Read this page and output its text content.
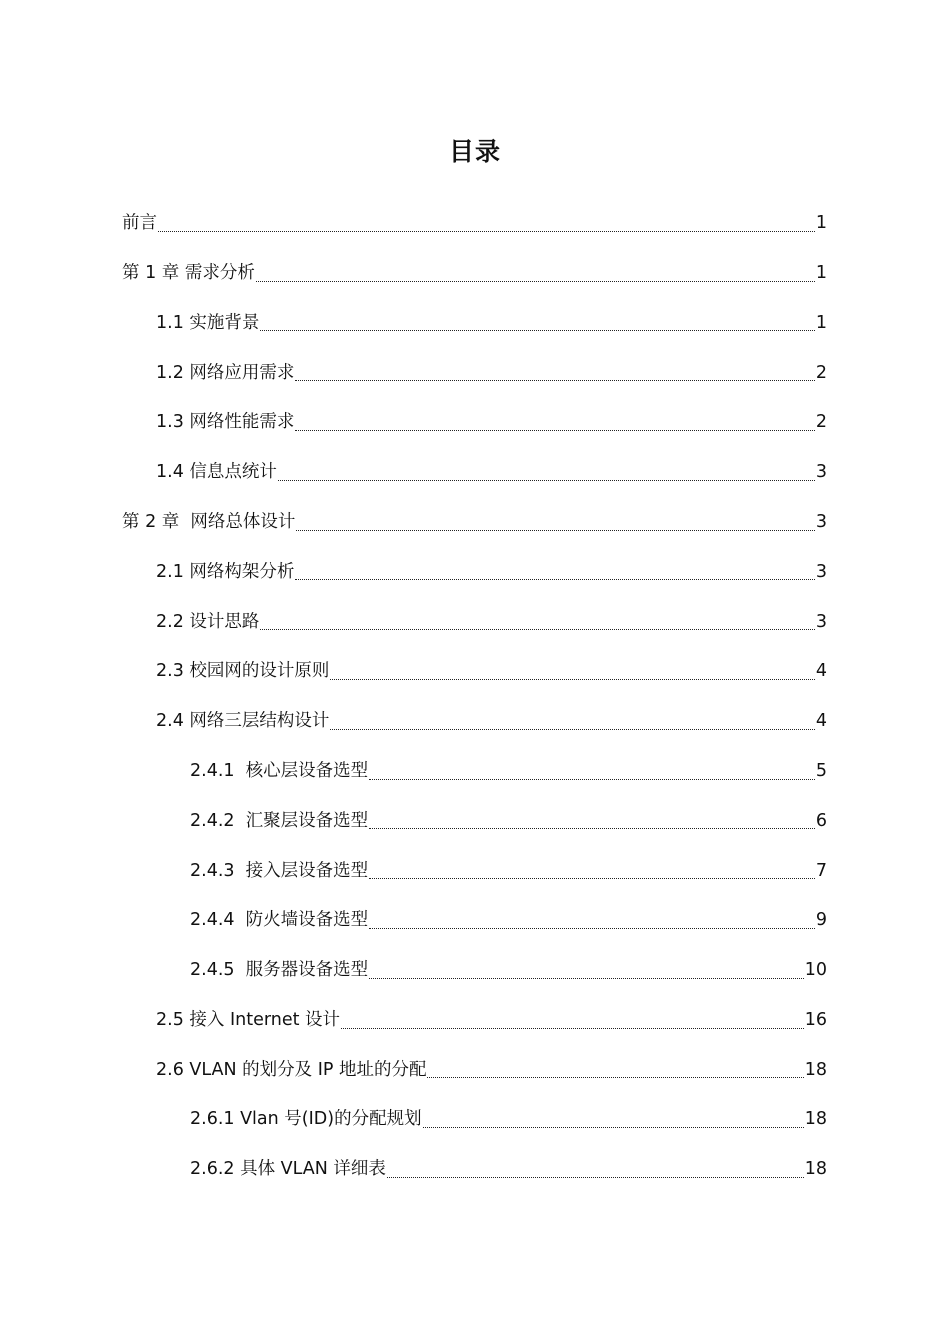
目录
前言	1
第 1 章 需求分析	1
1.1 实施背景	1
1.2 网络应用需求	2
1.3 网络性能需求	2
1.4 信息点统计	3
第 2 章  网络总体设计	3
2.1 网络构架分析	3
2.2 设计思路	3
2.3 校园网的设计原则	4
2.4 网络三层结构设计	4
2.4.1  核心层设备选型	5
2.4.2  汇聚层设备选型	6
2.4.3  接入层设备选型	7
2.4.4  防火墙设备选型	9
2.4.5  服务器设备选型	10
2.5 接入 Internet 设计	16
2.6 VLAN 的划分及 IP 地址的分配	18
2.6.1 Vlan 号(ID)的分配规划	18
2.6.2 具体 VLAN 详细表	18
